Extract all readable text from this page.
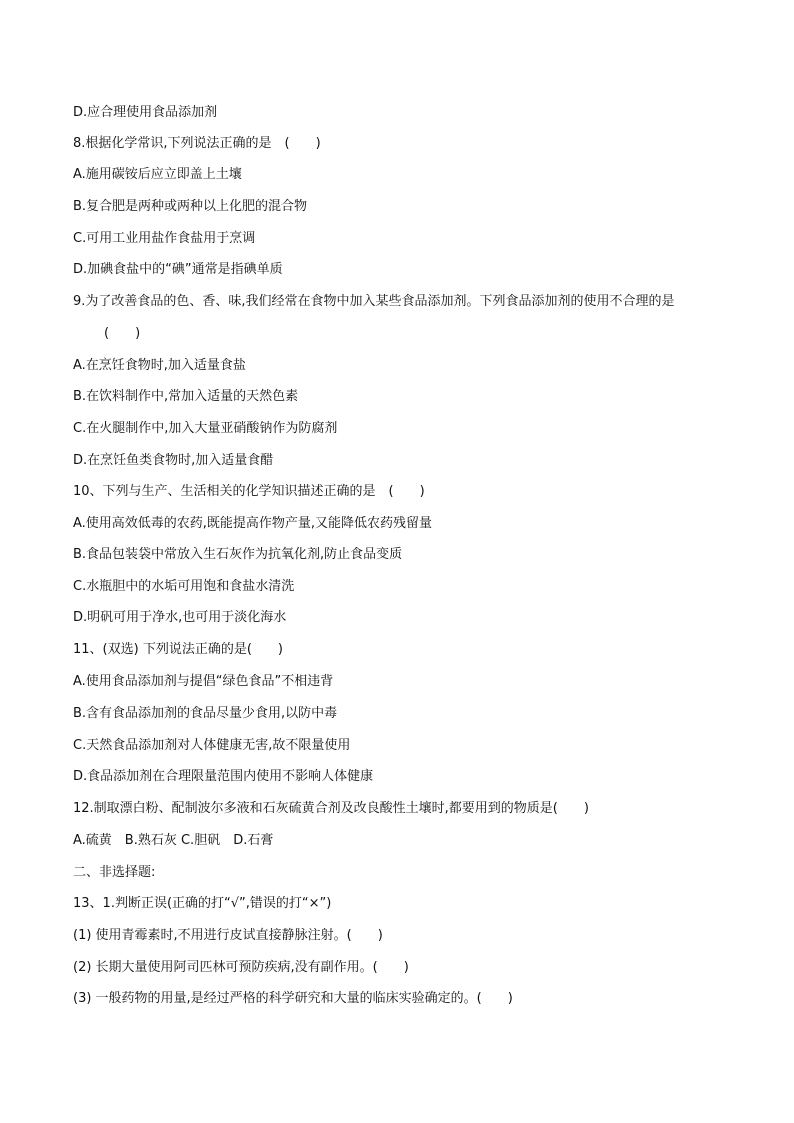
D.应合理使用食品添加剂
8.根据化学常识,下列说法正确的是　(　　)
A.施用碳铵后应立即盖上土壤
B.复合肥是两种或两种以上化肥的混合物
C.可用工业用盐作食盐用于烹调
D.加碘食盐中的“碘”通常是指碘单质
9.为了改善食品的色、香、味,我们经常在食物中加入某些食品添加剂。下列食品添加剂的使用不合理的是
(　　)
A.在烹饪食物时,加入适量食盐
B.在饮料制作中,常加入适量的天然色素
C.在火腿制作中,加入大量亚硝酸钠作为防腐剂
D.在烹饪鱼类食物时,加入适量食醋
10、下列与生产、生活相关的化学知识描述正确的是　(　　)
A.使用高效低毒的农药,既能提高作物产量,又能降低农药残留量
B.食品包装袋中常放入生石灰作为抗氧化剂,防止食品变质
C.水瓶胆中的水垢可用饱和食盐水清洗
D.明矾可用于净水,也可用于淡化海水
11、(双选) 下列说法正确的是(　　)
A.使用食品添加剂与提倡“绿色食品”不相违背
B.含有食品添加剂的食品尽量少食用,以防中毒
C.天然食品添加剂对人体健康无害,故不限量使用
D.食品添加剂在合理限量范围内使用不影响人体健康
12.制取漂白粉、配制波尔多液和石灰硫黄合剂及改良酸性土壤时,都要用到的物质是(　　)
A.硫黄　B.熟石灰 C.胆矾　D.石膏
二、非选择题:
13、1.判断正误(正确的打“√”,错误的打“×”)
(1) 使用青霉素时,不用进行皮试直接静脉注射。(　　)
(2) 长期大量使用阿司匹林可预防疾病,没有副作用。(　　)
(3) 一般药物的用量,是经过严格的科学研究和大量的临床实验确定的。(　　)
